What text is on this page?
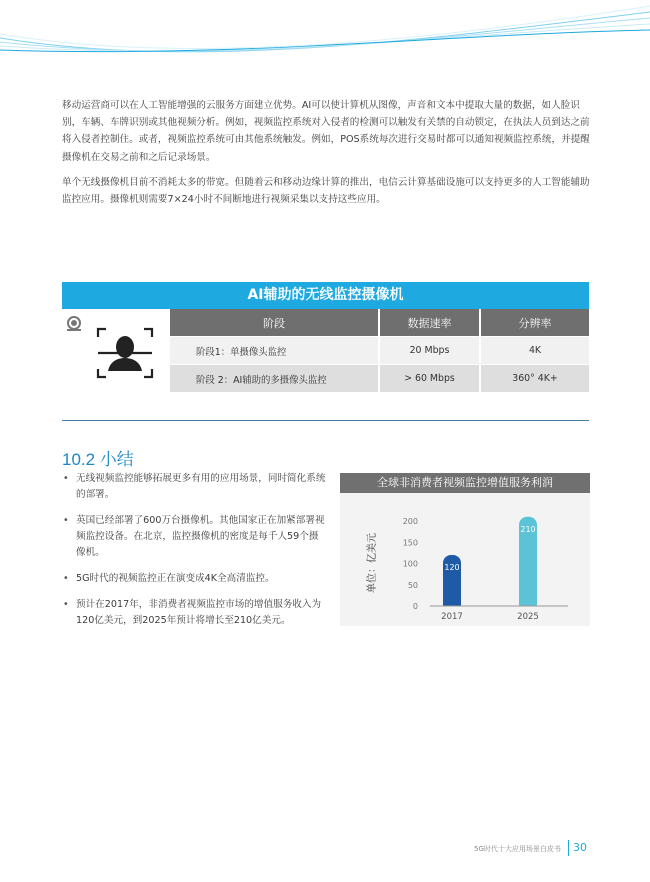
移动运营商可以在人工智能增强的云服务方面建立优势。AI可以使计算机从图像，声音和文本中提取大量的数据，如人脸识别，车辆、车牌识别或其他视频分析。例如，视频监控系统对入侵者的检测可以触发有关禁的自动锁定，在执法人员到达之前将入侵者控制住。或者，视频监控系统可由其他系统触发。例如，POS系统每次进行交易时都可以通知视频监控系统，并提醒摄像机在交易之前和之后记录场景。

单个无线摄像机目前不消耗太多的带宽。但随着云和移动边缘计算的推出，电信云计算基础设施可以支持更多的人工智能辅助监控应用。摄像机则需要7×24小时不间断地进行视频采集以支持这些应用。

AI辅助的无线监控摄像机
阶段	数据速率	分辨率
阶段1：单摄像头监控	20 Mbps	4K
阶段 2：AI辅助的多摄像头监控	> 60 Mbps	360° 4K+
10.2 小结
• 无线视频监控能够拓展更多有用的应用场景，同时简化系统的部署。
• 英国已经部署了600万台摄像机。其他国家正在加紧部署视频监控设备。在北京，监控摄像机的密度是每千人59个摄像机。
• 5G时代的视频监控正在演变成4K全高清监控。
• 预计在2017年，非消费者视频监控市场的增值服务收入为120亿美元，到2025年预计将增长至210亿美元。
全球非消费者视频监控增值服务利润
单位：亿美元
0
50
100
150
200
120
2017
210
2025
5G时代十大应用场景白皮书 30
